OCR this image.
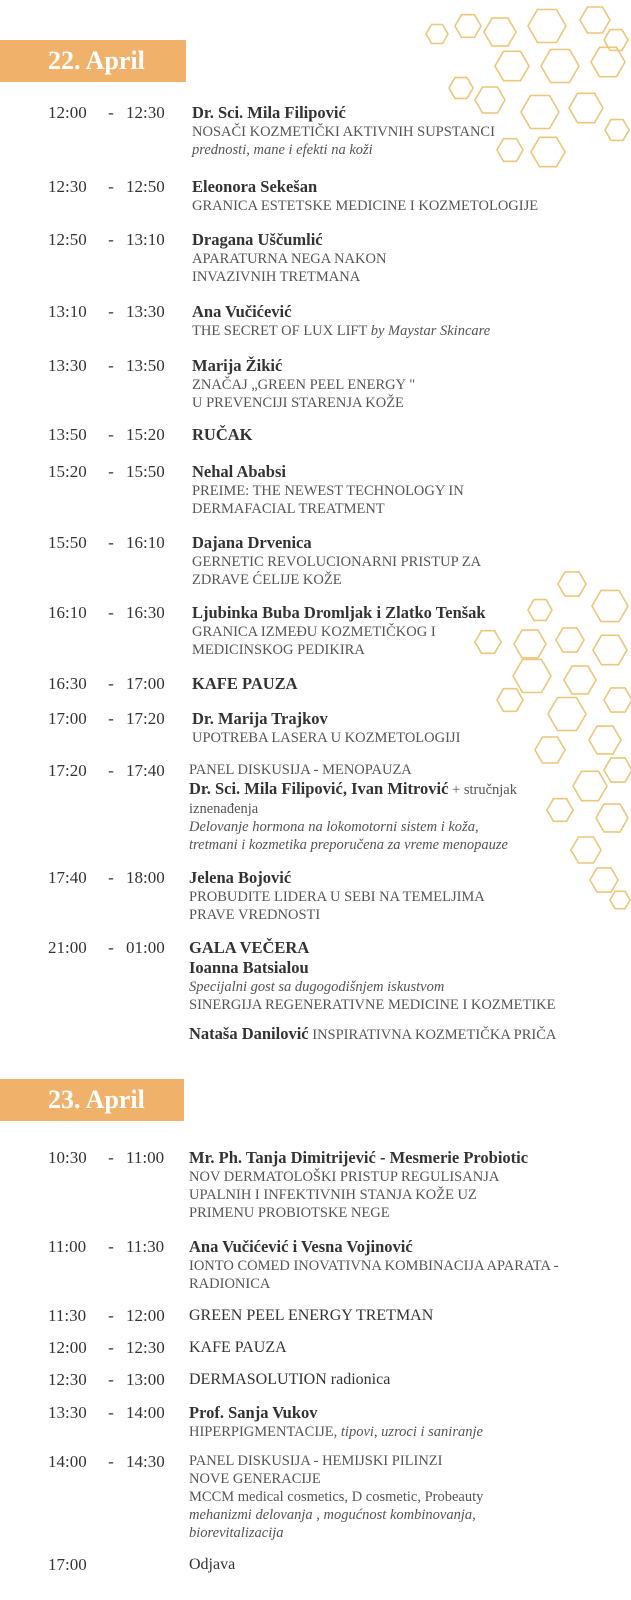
22. April
12:00 - 12:30 Dr. Sci. Mila Filipović
NOSAČI KOZMETIČKI AKTIVNIH SUPSTANCI
prednosti, mane i efekti na koži
12:30 - 12:50 Eleonora Sekešan
GRANICA ESTETSKE MEDICINE I KOZMETOLOGIJE
12:50 - 13:10 Dragana Uščumlić
APARATURNA NEGA NAKON
INVAZIVNIH TRETMANA
13:10 - 13:30 Ana Vučićević
THE SECRET OF LUX LIFT by Maystar Skincare
13:30 - 13:50 Marija Žikić
ZNAČAJ „GREEN PEEL ENERGY "
U PREVENCIJI STARENJA KOŽE
13:50 - 15:20 RUČAK
15:20 - 15:50 Nehal Ababsi
PREIME: THE NEWEST TECHNOLOGY IN
DERMAFACIAL TREATMENT
15:50 - 16:10 Dajana Drvenica
GERNETIC REVOLUCIONARNI PRISTUP ZA
ZDRAVE ĆELIJE KOŽE
16:10 - 16:30 Ljubinka Buba Dromljak i Zlatko Tenšak
GRANICA IZMEĐU KOZMETIČKOG I
MEDICINSKOG PEDIKIRA
16:30 - 17:00 KAFE PAUZA
17:00 - 17:20 Dr. Marija Trajkov
UPOTREBA LASERA U KOZMETOLOGIJI
17:20 - 17:40 PANEL DISKUSIJA - MENOPAUZA
Dr. Sci. Mila Filipović, Ivan Mitrović + stručnjak
iznenađenja
Delovanje hormona na lokomotorni sistem i koža,
tretmani i kozmetika preporučena za vreme menopauze
17:40 - 18:00 Jelena Bojović
PROBUDITE LIDERA U SEBI NA TEMELJIMA
PRAVE VREDNOSTI
21:00 - 01:00 GALA VEČERA
Ioanna Batsialou
Specijalni gost sa dugogodišnjem iskustvom
SINERGIJA REGENERATIVNE MEDICINE I KOZMETIKE
Nataša Danilović INSPIRATIVNA KOZMETIČKA PRIČA
23. April
10:30 - 11:00 Mr. Ph. Tanja Dimitrijević - Mesmerie Probiotic
NOV DERMATOLOŠKI PRISTUP REGULISANJA
UPALNIH I INFEKTIVNIH STANJA KOŽE UZ
PRIMENU PROBIOTSKE NEGE
11:00 - 11:30 Ana Vučićević i Vesna Vojinović
IONTO COMED INOVATIVNA KOMBINACIJA APARATA -
RADIONICA
11:30 - 12:00 GREEN PEEL ENERGY TRETMAN
12:00 - 12:30 KAFE PAUZA
12:30 - 13:00 DERMASOLUTION radionica
13:30 - 14:00 Prof. Sanja Vukov
HIPERPIGMENTACIJE, tipovi, uzroci i saniranje
14:00 - 14:30 PANEL DISKUSIJA - HEMIJSKI PILINZI
NOVE GENERACIJE
MCCM medical cosmetics, D cosmetic, Probeauty
mehanizmi delovanja , mogućnost kombinovanja,
biorevitalizacija
17:00	Odjava
